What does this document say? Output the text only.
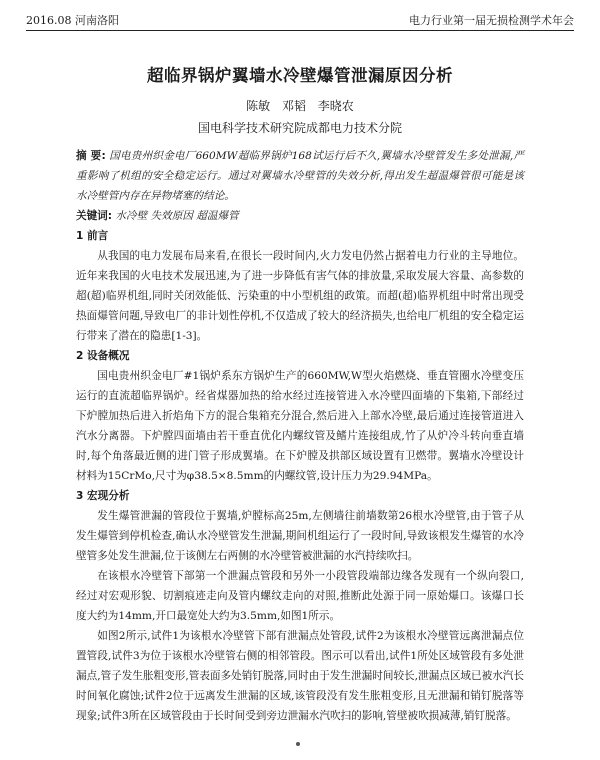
2016.08 河南洛阳	电力行业第一届无损检测学术年会
超临界锅炉翼墙水冷壁爆管泄漏原因分析
陈敏 邓韬 李晓农
国电科学技术研究院成都电力技术分院

摘 要: 国电贵州织金电厂660MW超临界锅炉168试运行后不久,翼墙水冷壁管发生多处泄漏,严重影响了机组的安全稳定运行。通过对翼墙水冷壁管的失效分析,得出发生超温爆管很可能是该水冷壁管内存在异物堵塞的结论。

关键词: 水冷壁 失效原因 超温爆管

1 前言

从我国的电力发展布局来看,在很长一段时间内,火力发电仍然占据着电力行业的主导地位。近年来我国的火电技术发展迅速,为了进一步降低有害气体的排放量,采取发展大容量、高参数的超(超)临界机组,同时关闭效能低、污染重的中小型机组的政策。而超(超)临界机组中时常出现受热面爆管问题,导致电厂的非计划性停机,不仅造成了较大的经济损失,也给电厂机组的安全稳定运行带来了潜在的隐患[1-3]。

2 设备概况

国电贵州织金电厂#1锅炉系东方锅炉生产的660MW,W型火焰燃烧、垂直管圈水冷壁变压运行的直流超临界锅炉。经省煤器加热的给水经过连接管进入水冷壁四面墙的下集箱,下部经过下炉膛加热后进入折焰角下方的混合集箱充分混合,然后进入上部水冷壁,最后通过连接管道进入汽水分离器。下炉膛四面墙由若干垂直优化内螺纹管及鳍片连接组成,竹了从炉冷斗转向垂直墙时,每个角落最近侧的进门管子形成翼墙。在下炉膛及拱部区域设置有卫燃带。翼墙水冷壁设计材料为15CrMo,尺寸为φ38.5×8.5mm的内螺纹管,设计压力为29.94MPa。

3 宏现分析

发生爆管泄漏的管段位于翼墙,炉膛标高25m,左侧墙往前墙数第26根水冷壁管,由于管子从发生爆管到停机检查,确认水冷壁管发生泄漏,期间机组运行了一段时间,导致该根发生爆管的水冷壁管多处发生泄漏,位于该侧左右两侧的水冷壁管被泄漏的水汽持续吹扫。

在该根水冷壁管下部第一个泄漏点管段和另外一小段管段端部边缘各发现有一个纵向裂口,经过对宏观形貌、切割痕迹走向及管内螺纹走向的对照,推断此处源于同一原始爆口。该爆口长度大约为14mm,开口最宽处大约为3.5mm,如图1所示。

如图2所示,试件1为该根水冷壁管下部有泄漏点处管段,试件2为该根水冷壁管远离泄漏点位置管段,试件3为位于该根水冷壁管右侧的相邻管段。图示可以看出,试件1所处区域管段有多处泄漏点,管子发生胀粗变形,管表面多处销钉脱落,同时由于发生泄漏时间较长,泄漏点区域已被水汽长时间氧化腐蚀;试件2位于远离发生泄漏的区域,该管段没有发生胀粗变形,且无泄漏和销钉脱落等现象;试件3所在区域管段由于长时间受到旁边泄漏水汽吹扫的影响,管壁被吹损减薄,销钉脱落。
